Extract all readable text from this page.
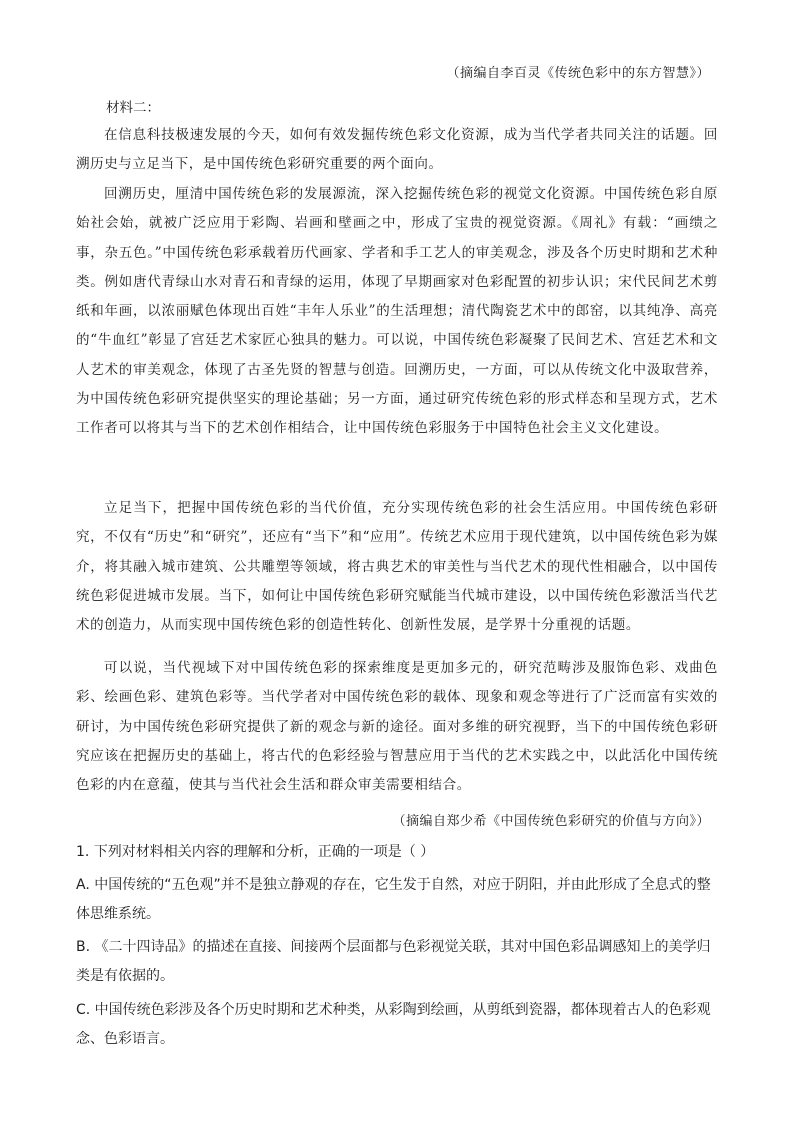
（摘编自李百灵《传统色彩中的东方智慧》）
材料二：

在信息科技极速发展的今天，如何有效发掘传统色彩文化资源，成为当代学者共同关注的话题。回溯历史与立足当下，是中国传统色彩研究重要的两个面向。

回溯历史，厘清中国传统色彩的发展源流，深入挖掘传统色彩的视觉文化资源。中国传统色彩自原始社会始，就被广泛应用于彩陶、岩画和壁画之中，形成了宝贵的视觉资源。《周礼》有载：“画缋之事，杂五色。”中国传统色彩承载着历代画家、学者和手工艺人的审美观念，涉及各个历史时期和艺术种类。例如唐代青绿山水对青石和青绿的运用，体现了早期画家对色彩配置的初步认识；宋代民间艺术剪纸和年画，以浓丽赋色体现出百姓“丰年人乐业”的生活理想；清代陶瓷艺术中的郎窑，以其纯净、高亮的“牛血红”彰显了宫廷艺术家匠心独具的魅力。可以说，中国传统色彩凝聚了民间艺术、宫廷艺术和文人艺术的审美观念，体现了古圣先贤的智慧与创造。回溯历史，一方面，可以从传统文化中汲取营养，为中国传统色彩研究提供坚实的理论基础；另一方面，通过研究传统色彩的形式样态和呈现方式，艺术工作者可以将其与当下的艺术创作相结合，让中国传统色彩服务于中国特色社会主义文化建设。

立足当下，把握中国传统色彩的当代价值，充分实现传统色彩的社会生活应用。中国传统色彩研究，不仅有“历史”和“研究”，还应有“当下”和“应用”。传统艺术应用于现代建筑，以中国传统色彩为媒介，将其融入城市建筑、公共雕塑等领域，将古典艺术的审美性与当代艺术的现代性相融合，以中国传统色彩促进城市发展。当下，如何让中国传统色彩研究赋能当代城市建设，以中国传统色彩激活当代艺术的创造力，从而实现中国传统色彩的创造性转化、创新性发展，是学界十分重视的话题。

可以说，当代视域下对中国传统色彩的探索维度是更加多元的，研究范畴涉及服饰色彩、戏曲色彩、绘画色彩、建筑色彩等。当代学者对中国传统色彩的载体、现象和观念等进行了广泛而富有实效的研讨，为中国传统色彩研究提供了新的观念与新的途径。面对多维的研究视野，当下的中国传统色彩研究应该在把握历史的基础上，将古代的色彩经验与智慧应用于当代的艺术实践之中，以此活化中国传统色彩的内在意蕴，使其与当代社会生活和群众审美需要相结合。

（摘编自郑少希《中国传统色彩研究的价值与方向》）

1. 下列对材料相关内容的理解和分析，正确的一项是（ ）

A. 中国传统的“五色观”并不是独立静观的存在，它生发于自然，对应于阴阳，并由此形成了全息式的整体思维系统。

B. 《二十四诗品》的描述在直接、间接两个层面都与色彩视觉关联，其对中国色彩品调感知上的美学归类是有依据的。

C. 中国传统色彩涉及各个历史时期和艺术种类，从彩陶到绘画，从剪纸到瓷器，都体现着古人的色彩观念、色彩语言。
